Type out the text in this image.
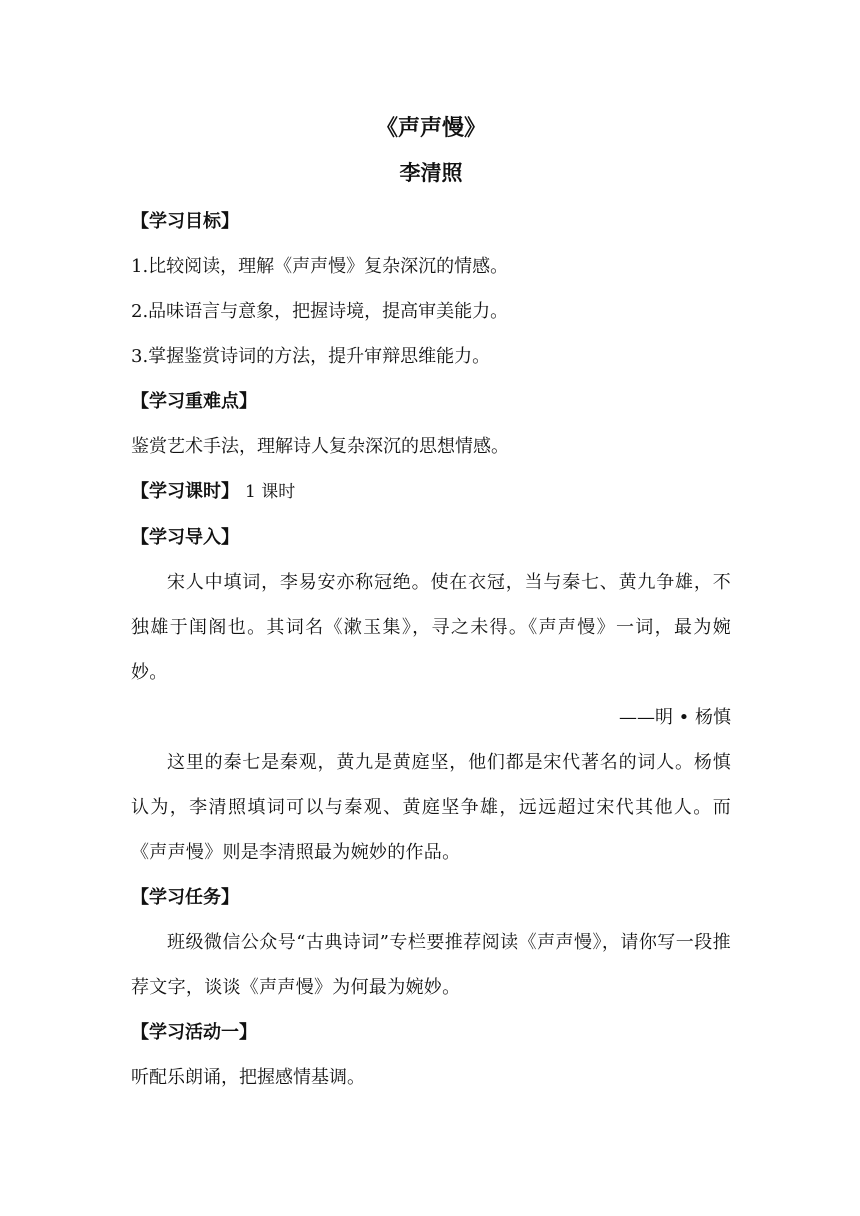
《声声慢》
李清照

【学习目标】

1.比较阅读，理解《声声慢》复杂深沉的情感。

2.品味语言与意象，把握诗境，提高审美能力。

3.掌握鉴赏诗词的方法，提升审辩思维能力。

【学习重难点】

鉴赏艺术手法，理解诗人复杂深沉的思想情感。

【学习课时】 1 课时

【学习导入】

宋人中填词，李易安亦称冠绝。使在衣冠，当与秦七、黄九争雄，不独雄于闺阁也。其词名《漱玉集》，寻之未得。《声声慢》一词，最为婉妙。

——明 • 杨慎

这里的秦七是秦观，黄九是黄庭坚，他们都是宋代著名的词人。杨慎认为，李清照填词可以与秦观、黄庭坚争雄，远远超过宋代其他人。而《声声慢》则是李清照最为婉妙的作品。

【学习任务】

班级微信公众号“古典诗词”专栏要推荐阅读《声声慢》，请你写一段推荐文字，谈谈《声声慢》为何最为婉妙。

【学习活动一】

听配乐朗诵，把握感情基调。
